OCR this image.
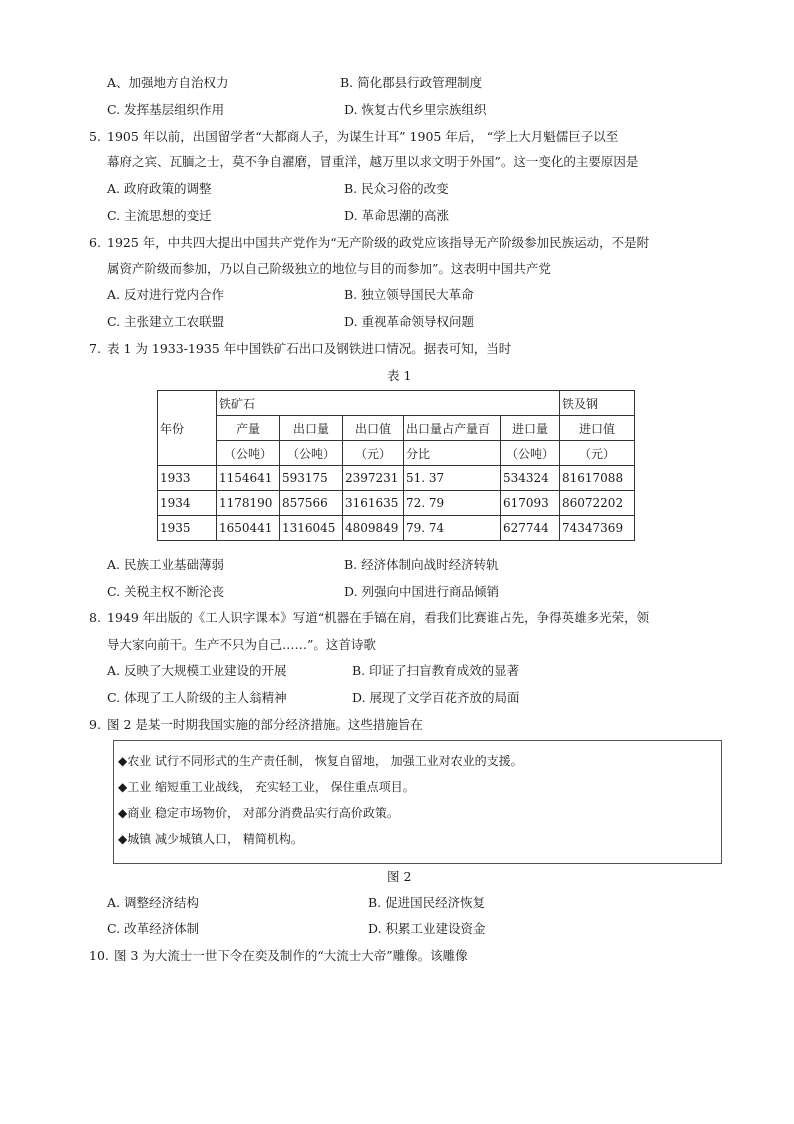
A、加强地方自治权力	B. 简化郡县行政管理制度
C. 发挥基层组织作用	D. 恢复古代乡里宗族组织
5. 1905 年以前，出国留学者“大都商人子，为谋生计耳” 1905 年后， “学上大月魁儒巨子以至
幕府之宾、瓦腼之士，莫不争自濯磨，冒重洋，越万里以求文明于外国”。这一变化的主要原因是
A. 政府政策的调整	B. 民众习俗的改变
C. 主流思想的变迁	D. 革命思潮的高涨
6. 1925 年，中共四大提出中国共产党作为“无产阶级的政党应该指导无产阶级参加民族运动，不是附
属资产阶级而参加，乃以自己阶级独立的地位与目的而参加”。这表明中国共产党
A. 反对进行党内合作	B. 独立领导国民大革命
C. 主张建立工农联盟	D. 重视革命领导权问题
7. 表 1 为 1933-1935 年中国铁矿石出口及钢铁进口情况。据表可知，当时
表 1
年份	铁矿石					铁及钢
	产量	出口量	出口值	出口量占产量百	进口量	进口值
	（公吨）	（公吨）	（元）	分比	（公吨）	（元）
1933	1154641	593175	2397231	51. 37	534324	81617088
1934	1178190	857566	3161635	72. 79	617093	86072202
1935	1650441	1316045	4809849	79. 74	627744	74347369
A. 民族工业基础薄弱	B. 经济体制向战时经济转轨
C. 关税主权不断沦丧	D. 列强向中国进行商品倾销
8. 1949 年出版的《工人识字课本》写道“机器在手镐在肩，看我们比赛谁占先，争得英雄多光荣，领
导大家向前干。生产不只为自己……”。这首诗歌
A. 反映了大规模工业建设的开展	B. 印证了扫盲教育成效的显著
C. 体现了工人阶级的主人翁精神	D. 展现了文学百花齐放的局面
9. 图 2 是某一时期我国实施的部分经济措施。这些措施旨在
◆农业 试行不同形式的生产责任制， 恢复自留地， 加强工业对农业的支援。
◆工业 缩短重工业战线， 充实轻工业， 保住重点项目。
◆商业 稳定市场物价， 对部分消费品实行高价政策。
◆城镇 减少城镇人口， 精简机构。
图 2
A. 调整经济结构	B. 促进国民经济恢复
C. 改革经济体制	D. 积累工业建设资金
10. 图 3 为大流士一世下令在奕及制作的“大流士大帝”雕像。该雕像
